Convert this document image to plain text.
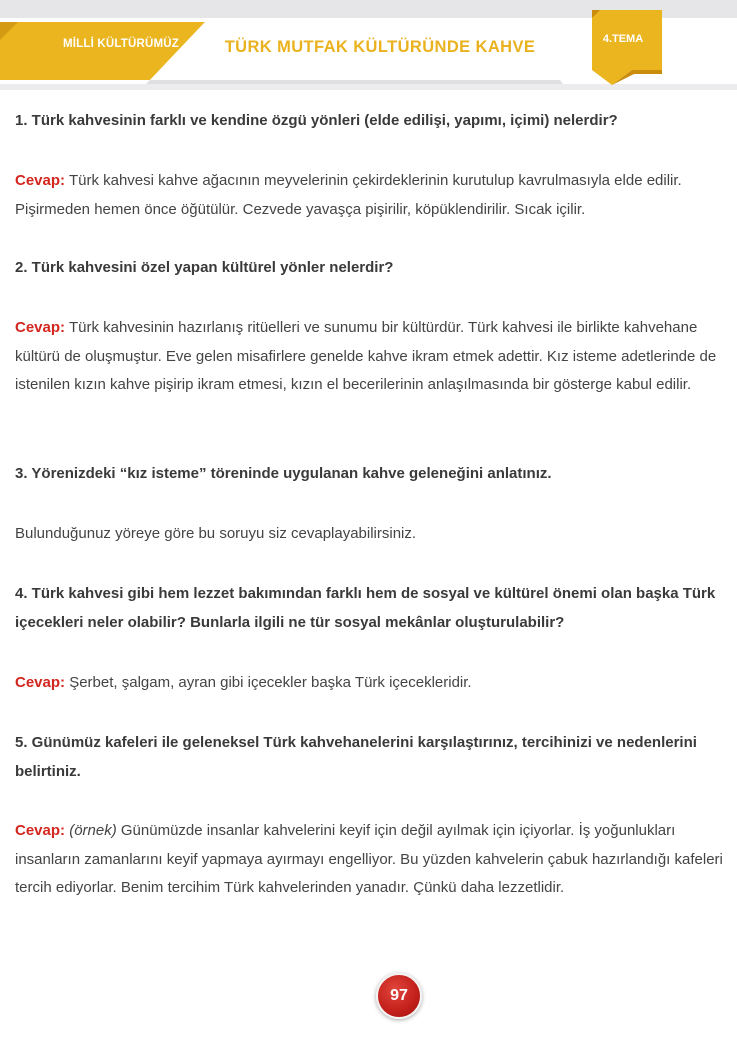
MİLLİ KÜLTÜRÜMÜZ	TÜRK MUTFAK KÜLTÜRÜNDE KAHVE	4.TEMA

1. Türk kahvesinin farklı ve kendine özgü yönleri (elde edilişi, yapımı, içimi) nelerdir?

Cevap: Türk kahvesi kahve ağacının meyvelerinin çekirdeklerinin kurutulup kavrulmasıyla elde edilir. Pişirmeden hemen önce öğütülür. Cezvede yavaşça pişirilir, köpüklendirilir. Sıcak içilir.

2. Türk kahvesini özel yapan kültürel yönler nelerdir?

Cevap: Türk kahvesinin hazırlanış ritüelleri ve sunumu bir kültürdür. Türk kahvesi ile birlikte kahvehane kültürü de oluşmuştur. Eve gelen misafirlere genelde kahve ikram etmek adettir. Kız isteme adetlerinde de istenilen kızın kahve pişirip ikram etmesi, kızın el becerilerinin anlaşılmasında bir gösterge kabul edilir.

3. Yörenizdeki “kız isteme” töreninde uygulanan kahve geleneğini anlatınız.

Bulunduğunuz yöreye göre bu soruyu siz cevaplayabilirsiniz.

4. Türk kahvesi gibi hem lezzet bakımından farklı hem de sosyal ve kültürel önemi olan başka Türk içecekleri neler olabilir? Bunlarla ilgili ne tür sosyal mekânlar oluşturulabilir?

Cevap: Şerbet, şalgam, ayran gibi içecekler başka Türk içecekleridir.

5. Günümüz kafeleri ile geleneksel Türk kahvehanelerini karşılaştırınız, tercihinizi ve nedenlerini belirtiniz.

Cevap: (örnek) Günümüzde insanlar kahvelerini keyif için değil ayılmak için içiyorlar. İş yoğunlukları insanların zamanlarını keyif yapmaya ayırmayı engelliyor. Bu yüzden kahvelerin çabuk hazırlandığı kafeleri tercih ediyorlar. Benim tercihim Türk kahvelerinden yanadır. Çünkü daha lezzetlidir.

97
